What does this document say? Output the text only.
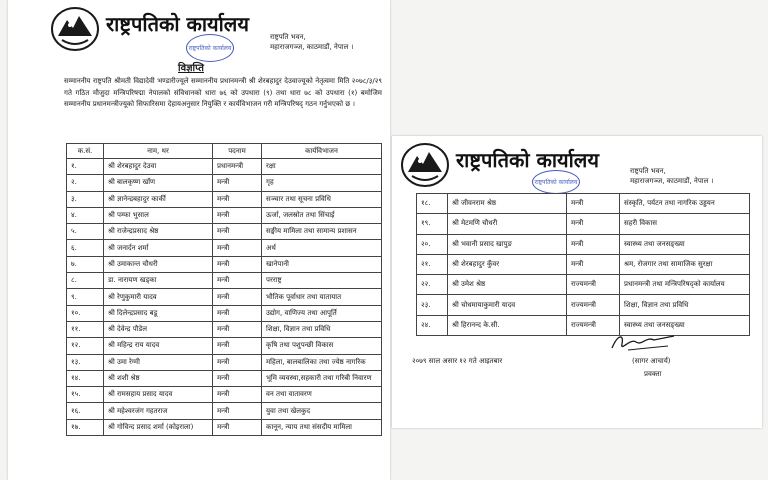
राष्ट्रपतिको कार्यालय
राष्ट्रपतिको कार्यालय
राष्ट्रपति भवन,
महाराजगञ्ज, काठमाडौं, नेपाल ।
विज्ञप्ति

सम्माननीय राष्ट्रपति श्रीमती विद्यादेवी भण्डारीज्यूले सम्माननीय प्रधानमन्त्री श्री शेरबहादुर देउवाज्यूको नेतृत्वमा मिति २०७८/३/२९ गते गठित मौजुदा मन्त्रिपरिषद्मा नेपालको संविधानको धारा ७६ को उपधारा (९) तथा धारा ७८ को उपधारा (१) बमोजिम सम्माननीय प्रधानमन्त्रीज्यूको सिफारिसमा देहायअनुसार नियुक्ति र कार्यविभाजन गरी मन्त्रिपरिषद् गठन गर्नुभएको छ ।

क.सं.	नाम, थर	पदनाम	कार्यविभाजन
१.	श्री शेरबहादुर देउवा	प्रधानमन्त्री	रक्षा
२.	श्री बालकृष्ण खाँण	मन्त्री	गृह
३.	श्री ज्ञानेन्द्रबहादुर कार्की	मन्त्री	सञ्चार तथा सूचना प्रविधि
४.	श्री पम्फा भुसाल	मन्त्री	ऊर्जा, जलस्रोत तथा सिंचाई
५.	श्री राजेन्द्रप्रसाद श्रेष्ठ	मन्त्री	सङ्घीय मामिला तथा सामान्य प्रशासन
६.	श्री जनार्दन शर्मा	मन्त्री	अर्थ
७.	श्री उमाकान्त चौधरी	मन्त्री	खानेपानी
८.	डा. नारायण खड्का	मन्त्री	परराष्ट्र
९.	श्री रेणुकुमारी यादव	मन्त्री	भौतिक पूर्वाधार तथा यातायात
१०.	श्री दिलेन्द्रप्रसाद बडू	मन्त्री	उद्योग, वाणिज्य तथा आपूर्ति
११.	श्री देवेन्द्र पौडेल	मन्त्री	शिक्षा, विज्ञान तथा प्रविधि
१२.	श्री महिन्द्र राय यादव	मन्त्री	कृषि तथा पशुपन्छी विकास
१३.	श्री उमा रेग्मी	मन्त्री	महिला, बालबालिका तथा ज्येष्ठ नागरिक
१४.	श्री शशी श्रेष्ठ	मन्त्री	भूमि व्यवस्था,सहकारी तथा गरिबी निवारण
१५.	श्री रामसहाय प्रसाद यादव	मन्त्री	वन तथा वातावरण
१६.	श्री महेश्वरजंग गहतराज	मन्त्री	युवा तथा खेलकुद
१७.	श्री गोविन्द प्रसाद शर्मा (कोइराला)	मन्त्री	कानून, न्याय तथा संसदीय मामिला
राष्ट्रपतिको कार्यालय
राष्ट्रपतिको कार्यालय
राष्ट्रपति भवन,
महाराजगञ्ज, काठमाडौं, नेपाल ।
१८.	श्री जीवनराम श्रेष्ठ	मन्त्री	संस्कृति, पर्यटन तथा नागरिक उड्डयन
१९.	श्री मेटमणि चौधरी	मन्त्री	सहरी विकास
२०.	श्री भवानी प्रसाद खापुङ	मन्त्री	स्वास्थ्य तथा जनसङ्ख्या
२१.	श्री शेरबहादुर कुँवर	मन्त्री	श्रम, रोजगार तथा सामाजिक सुरक्षा
२२.	श्री उमेश श्रेष्ठ	राज्यमन्त्री	प्रधानमन्त्री तथा मन्त्रिपरिषद्को कार्यालय
२३.	श्री चोधमायाकुमारी यादव	राज्यमन्त्री	शिक्षा, विज्ञान तथा प्रविधि
२४.	श्री हिरानन्द के.सी.	राज्यमन्त्री	स्वास्थ्य तथा जनसङ्ख्या
२०७९ साल असार १२ गते आइतबार	(सागर आचार्य)
प्रवक्ता
